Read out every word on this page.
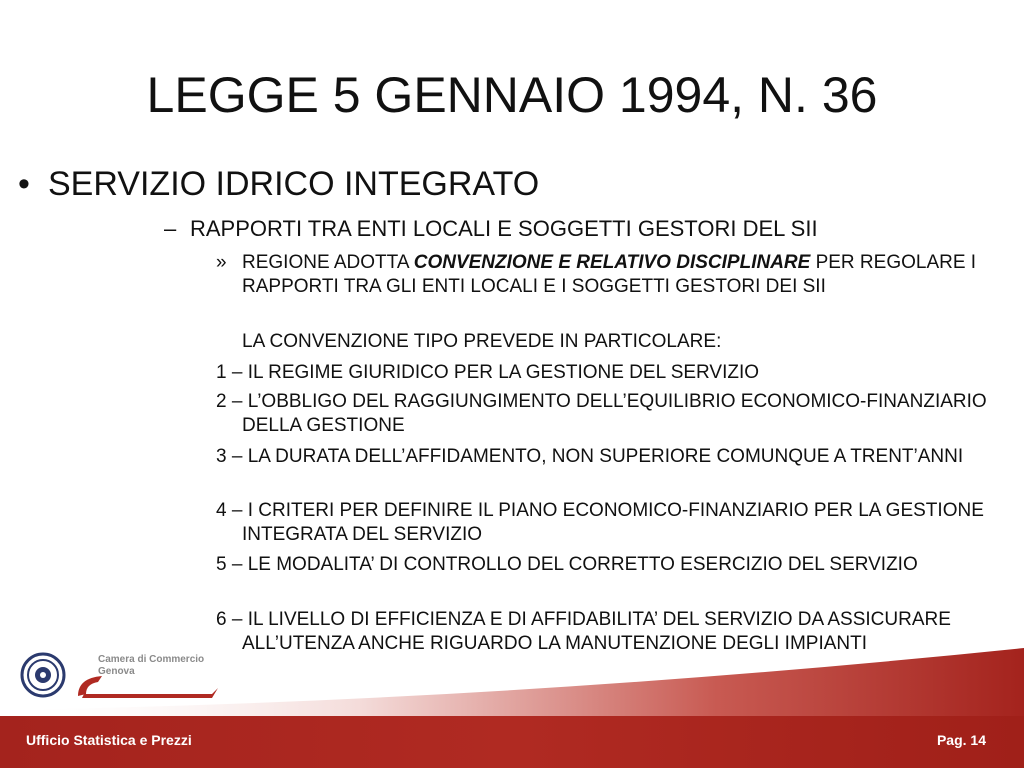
LEGGE 5 GENNAIO 1994, N. 36
• SERVIZIO IDRICO INTEGRATO
– RAPPORTI TRA ENTI LOCALI E SOGGETTI GESTORI DEL SII
» REGIONE ADOTTA CONVENZIONE E RELATIVO DISCIPLINARE PER REGOLARE I RAPPORTI TRA GLI ENTI LOCALI E I SOGGETTI GESTORI DEI SII
LA CONVENZIONE TIPO PREVEDE IN PARTICOLARE:
1 – IL REGIME GIURIDICO PER LA GESTIONE DEL SERVIZIO
2 – L’OBBLIGO DEL RAGGIUNGIMENTO DELL’EQUILIBRIO ECONOMICO-FINANZIARIO DELLA GESTIONE
3 – LA DURATA DELL’AFFIDAMENTO, NON SUPERIORE COMUNQUE A TRENT’ANNI
4 – I CRITERI PER DEFINIRE IL PIANO ECONOMICO-FINANZIARIO PER LA GESTIONE INTEGRATA DEL SERVIZIO
5 – LE MODALITA’ DI CONTROLLO DEL CORRETTO ESERCIZIO DEL SERVIZIO
6 – IL LIVELLO DI EFFICIENZA E DI AFFIDABILITA’ DEL SERVIZIO DA ASSICURARE ALL’UTENZA ANCHE RIGUARDO LA MANUTENZIONE DEGLI IMPIANTI
Camera di Commercio
Genova
Ufficio Statistica e Prezzi	Pag. 14
